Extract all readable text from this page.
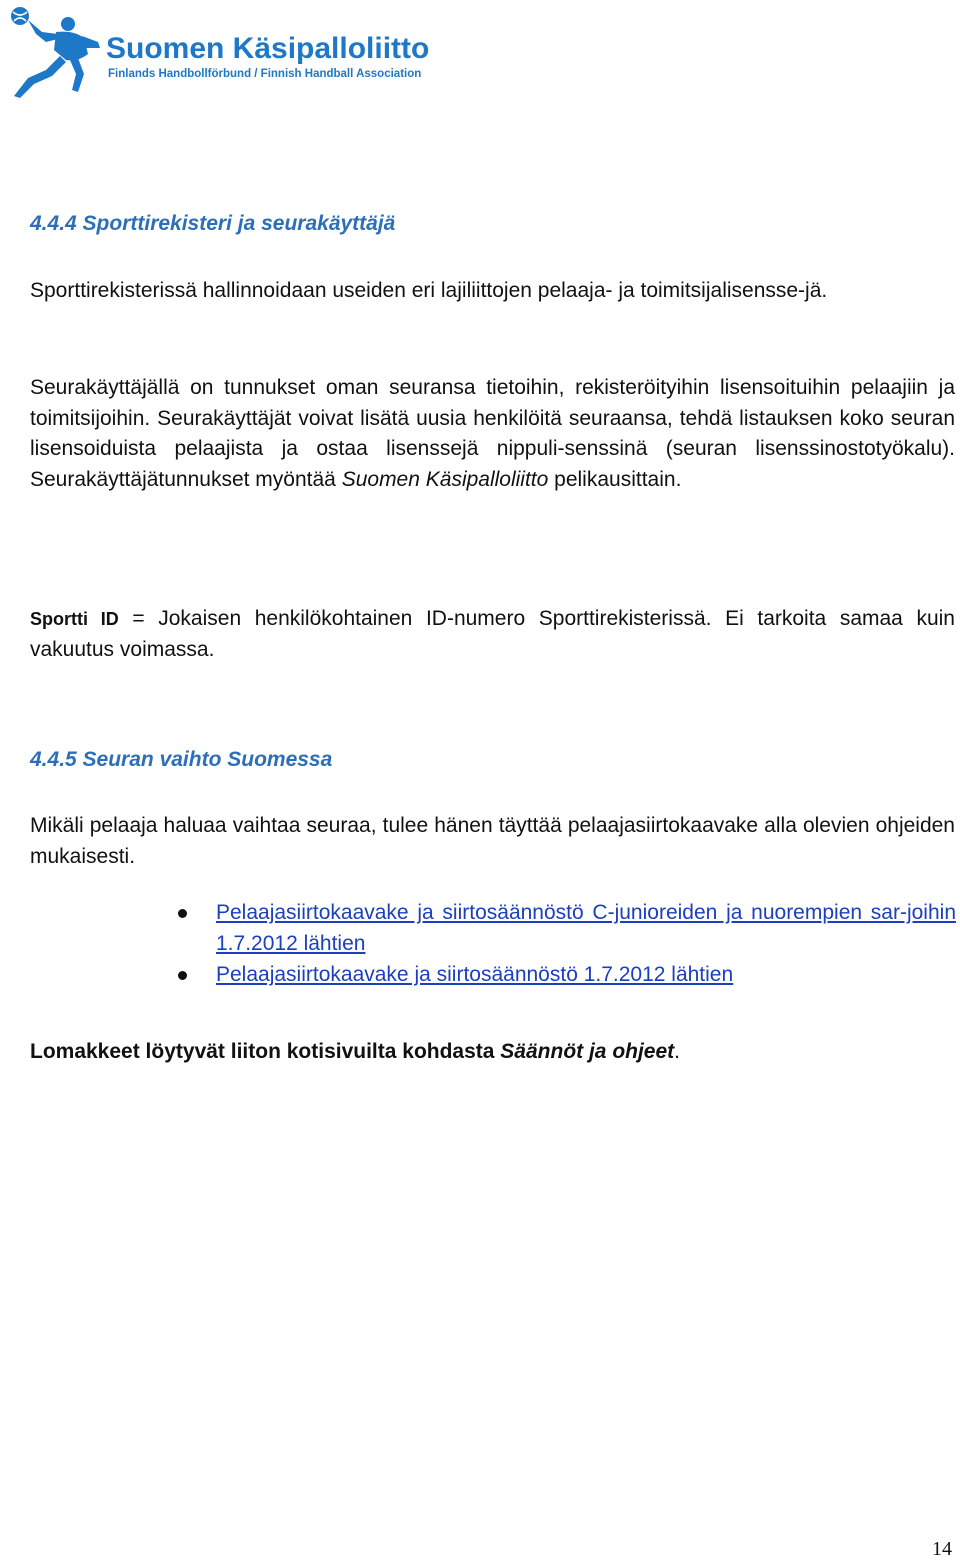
Suomen Käsipalloliitto
Finlands Handbollförbund / Finnish Handball Association
4.4.4 Sporttirekisteri ja seurakäyttäjä
Sporttirekisterissä hallinnoidaan useiden eri lajiliittojen pelaaja- ja toimitsijalisensse-jä.
Seurakäyttäjällä on tunnukset oman seuransa tietoihin, rekisteröityihin lisensoituihin pelaajiin ja toimitsijoihin. Seurakäyttäjät voivat lisätä uusia henkilöitä seuraansa, tehdä listauksen koko seuran lisensoiduista pelaajista ja ostaa lisenssejä nippuli-senssinä (seuran lisenssinostotyökalu). Seurakäyttäjätunnukset myöntää Suomen Käsipalloliitto pelikausittain.
Sportti ID = Jokaisen henkilökohtainen ID-numero Sporttirekisterissä. Ei tarkoita samaa kuin vakuutus voimassa.
4.4.5 Seuran vaihto Suomessa
Mikäli pelaaja haluaa vaihtaa seuraa, tulee hänen täyttää pelaajasiirtokaavake alla olevien ohjeiden mukaisesti.
Pelaajasiirtokaavake ja siirtosäännöstö C-junioreiden ja nuorempien sar-joihin 1.7.2012 lähtien
Pelaajasiirtokaavake ja siirtosäännöstö 1.7.2012 lähtien
Lomakkeet löytyvät liiton kotisivuilta kohdasta Säännöt ja ohjeet.
14
